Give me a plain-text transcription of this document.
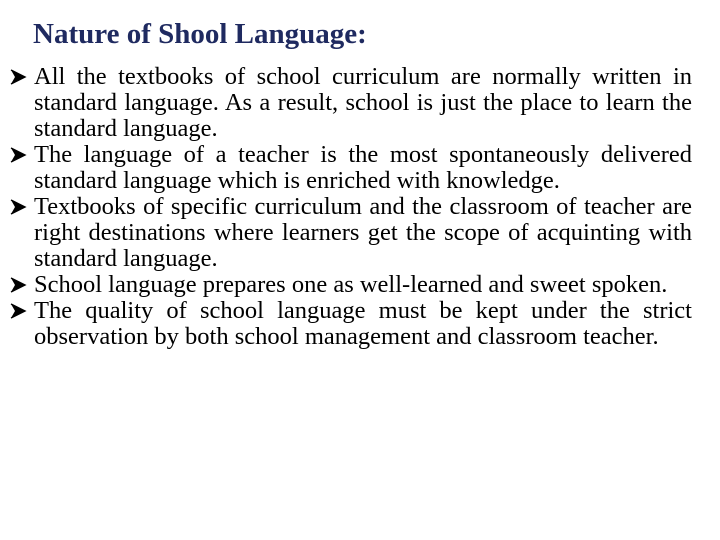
Nature of Shool Language:
All the textbooks of school curriculum are normally written in standard language. As a result, school is just the place to learn the standard language.
The language of a teacher is the most spontaneously delivered standard language which is enriched with knowledge.
Textbooks of specific curriculum and the classroom of teacher are right destinations where learners get the scope of acquinting with standard language.
School language prepares one as well-learned and sweet spoken.
The quality of school language must be kept under the strict observation by both school management and classroom teacher.
